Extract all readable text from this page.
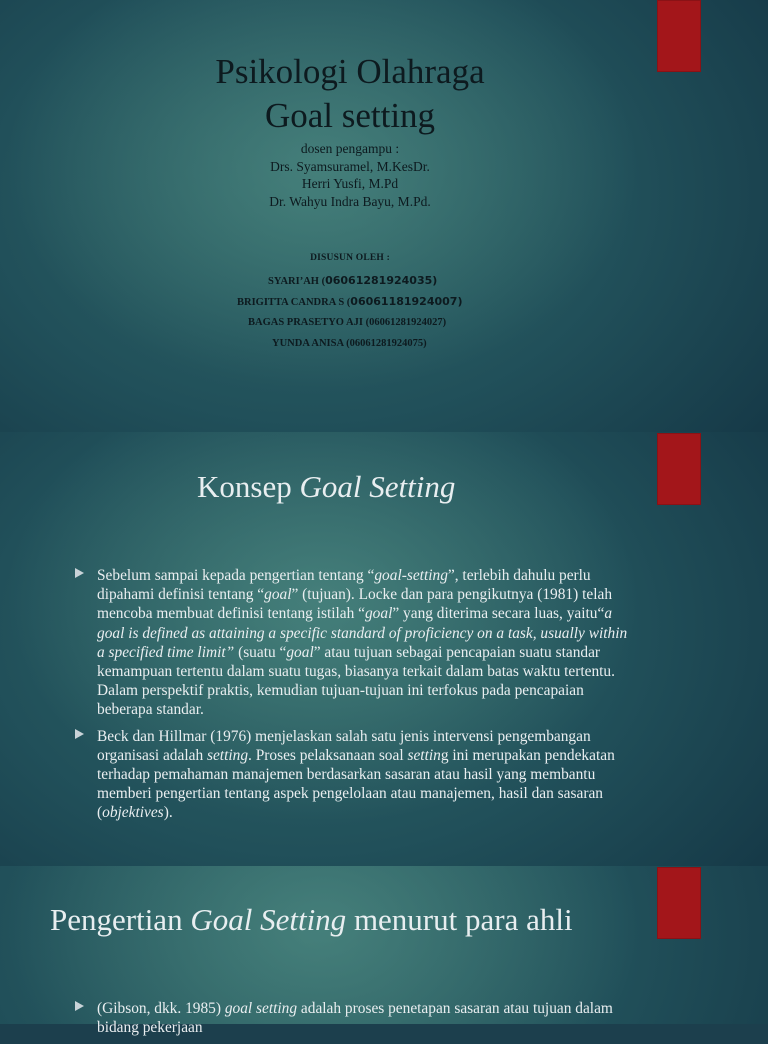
Psikologi Olahraga
Goal setting
dosen pengampu :
Drs. Syamsuramel, M.KesDr.
Herri Yusfi, M.Pd
Dr. Wahyu Indra Bayu, M.Pd.
DISUSUN OLEH :
SYARI’AH (06061281924035)
BRIGITTA CANDRA S (06061181924007)
BAGAS PRASETYO AJI (06061281924027)
YUNDA ANISA (06061281924075)
Konsep Goal Setting
Sebelum sampai kepada pengertian tentang “goal-setting”, terlebih dahulu perlu dipahami definisi tentang “goal” (tujuan). Locke dan para pengikutnya (1981) telah mencoba membuat definisi tentang istilah “goal” yang diterima secara luas, yaitu“a goal is defined as attaining a specific standard of proficiency on a task, usually within a specified time limit” (suatu “goal” atau tujuan sebagai pencapaian suatu standar kemampuan tertentu dalam suatu tugas, biasanya terkait dalam batas waktu tertentu. Dalam perspektif praktis, kemudian tujuan-tujuan ini terfokus pada pencapaian beberapa standar.
Beck dan Hillmar (1976) menjelaskan salah satu jenis intervensi pengembangan organisasi adalah setting. Proses pelaksanaan soal setting ini merupakan pendekatan terhadap pemahaman manajemen berdasarkan sasaran atau hasil yang membantu memberi pengertian tentang aspek pengelolaan atau manajemen, hasil dan sasaran (objektives).
Pengertian Goal Setting menurut para ahli
(Gibson, dkk. 1985) goal setting adalah proses penetapan sasaran atau tujuan dalam bidang pekerjaan
